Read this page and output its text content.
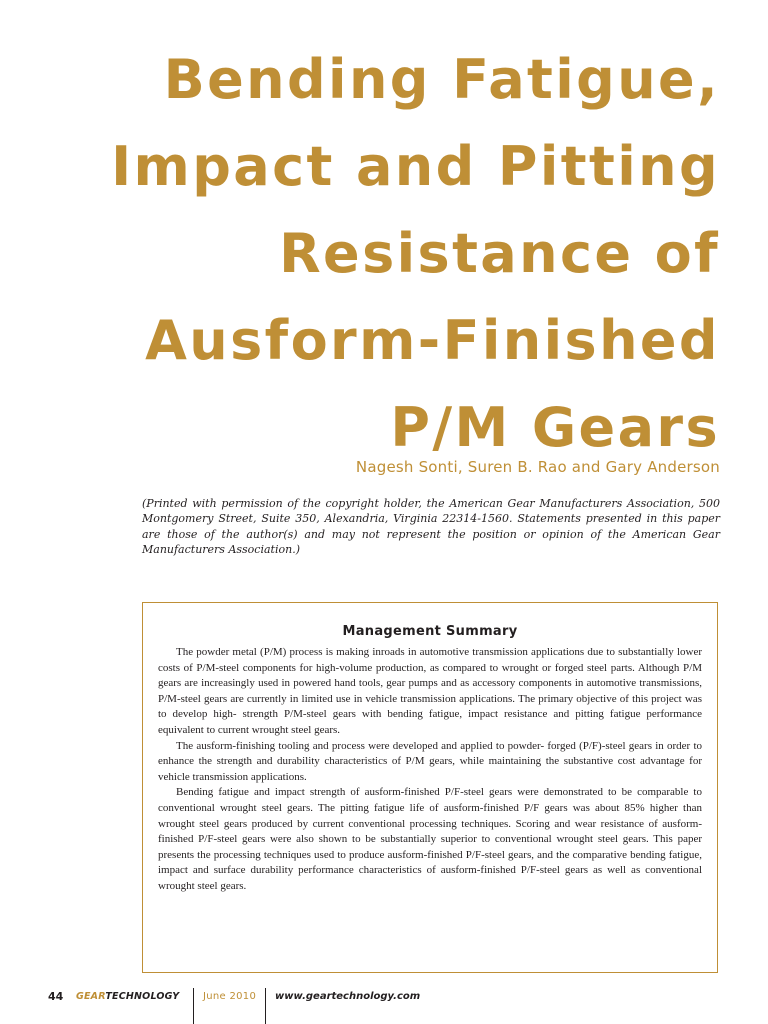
Bending Fatigue,
Impact and Pitting
Resistance of
Ausform-Finished
P/M Gears
Nagesh Sonti, Suren B. Rao and Gary Anderson
(Printed with permission of the copyright holder, the American Gear Manufacturers Association, 500 Montgomery Street, Suite 350, Alexandria, Virginia 22314-1560. Statements presented in this paper are those of the author(s) and may not represent the position or opinion of the American Gear Manufacturers Association.)
Management Summary

The powder metal (P/M) process is making inroads in automotive transmission applications due to substantially lower costs of P/M-steel components for high-volume production, as compared to wrought or forged steel parts. Although P/M gears are increasingly used in powered hand tools, gear pumps and as accessory components in automotive transmissions, P/M-steel gears are currently in limited use in vehicle transmission applications. The primary objective of this project was to develop high- strength P/M-steel gears with bending fatigue, impact resistance and pitting fatigue performance equivalent to current wrought steel gears.

The ausform-finishing tooling and process were developed and applied to powder- forged (P/F)-steel gears in order to enhance the strength and durability characteristics of P/M gears, while maintaining the substantive cost advantage for vehicle transmission applications.

Bending fatigue and impact strength of ausform-finished P/F-steel gears were demonstrated to be comparable to conventional wrought steel gears. The pitting fatigue life of ausform-finished P/F gears was about 85% higher than wrought steel gears produced by current conventional processing techniques. Scoring and wear resistance of ausform-finished P/F-steel gears were also shown to be substantially superior to conventional wrought steel gears. This paper presents the processing techniques used to produce ausform-finished P/F-steel gears, and the comparative bending fatigue, impact and surface durability performance characteristics of ausform-finished P/F-steel gears as well as conventional wrought steel gears.

44 GEARTECHNOLOGY June 2010 www.geartechnology.com
